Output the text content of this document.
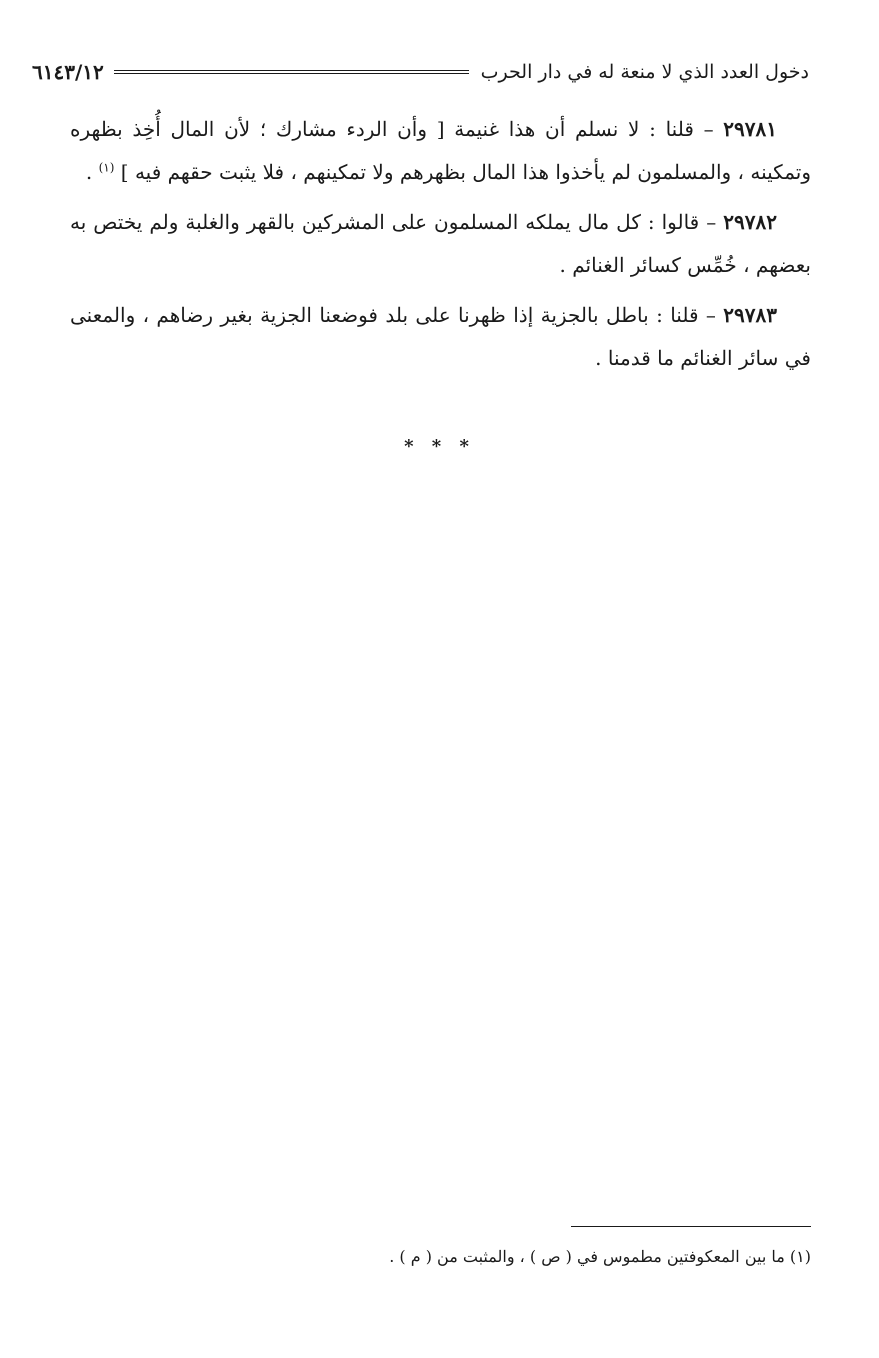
دخول العدد الذي لا منعة له في دار الحرب
٦١٤٣/١٢

٢٩٧٨١ – قلنا : لا نسلم أن هذا غنيمة [ وأن الردء مشارك ؛ لأن المال أُخِذ بظهره وتمكينه ، والمسلمون لم يأخذوا هذا المال بظهرهم ولا تمكينهم ، فلا يثبت حقهم فيه ] $^{(١)}$ .

٢٩٧٨٢ – قالوا : كل مال يملكه المسلمون على المشركين بالقهر والغلبة ولم يختص به بعضهم ، خُمِّس كسائر الغنائم .

٢٩٧٨٣ – قلنا : باطل بالجزية إذا ظهرنا على بلد فوضعنا الجزية بغير رضاهم ، والمعنى في سائر الغنائم ما قدمنا .

* * *
(١) ما بين المعكوفتين مطموس في ( ص ) ، والمثبت من ( م ) .
